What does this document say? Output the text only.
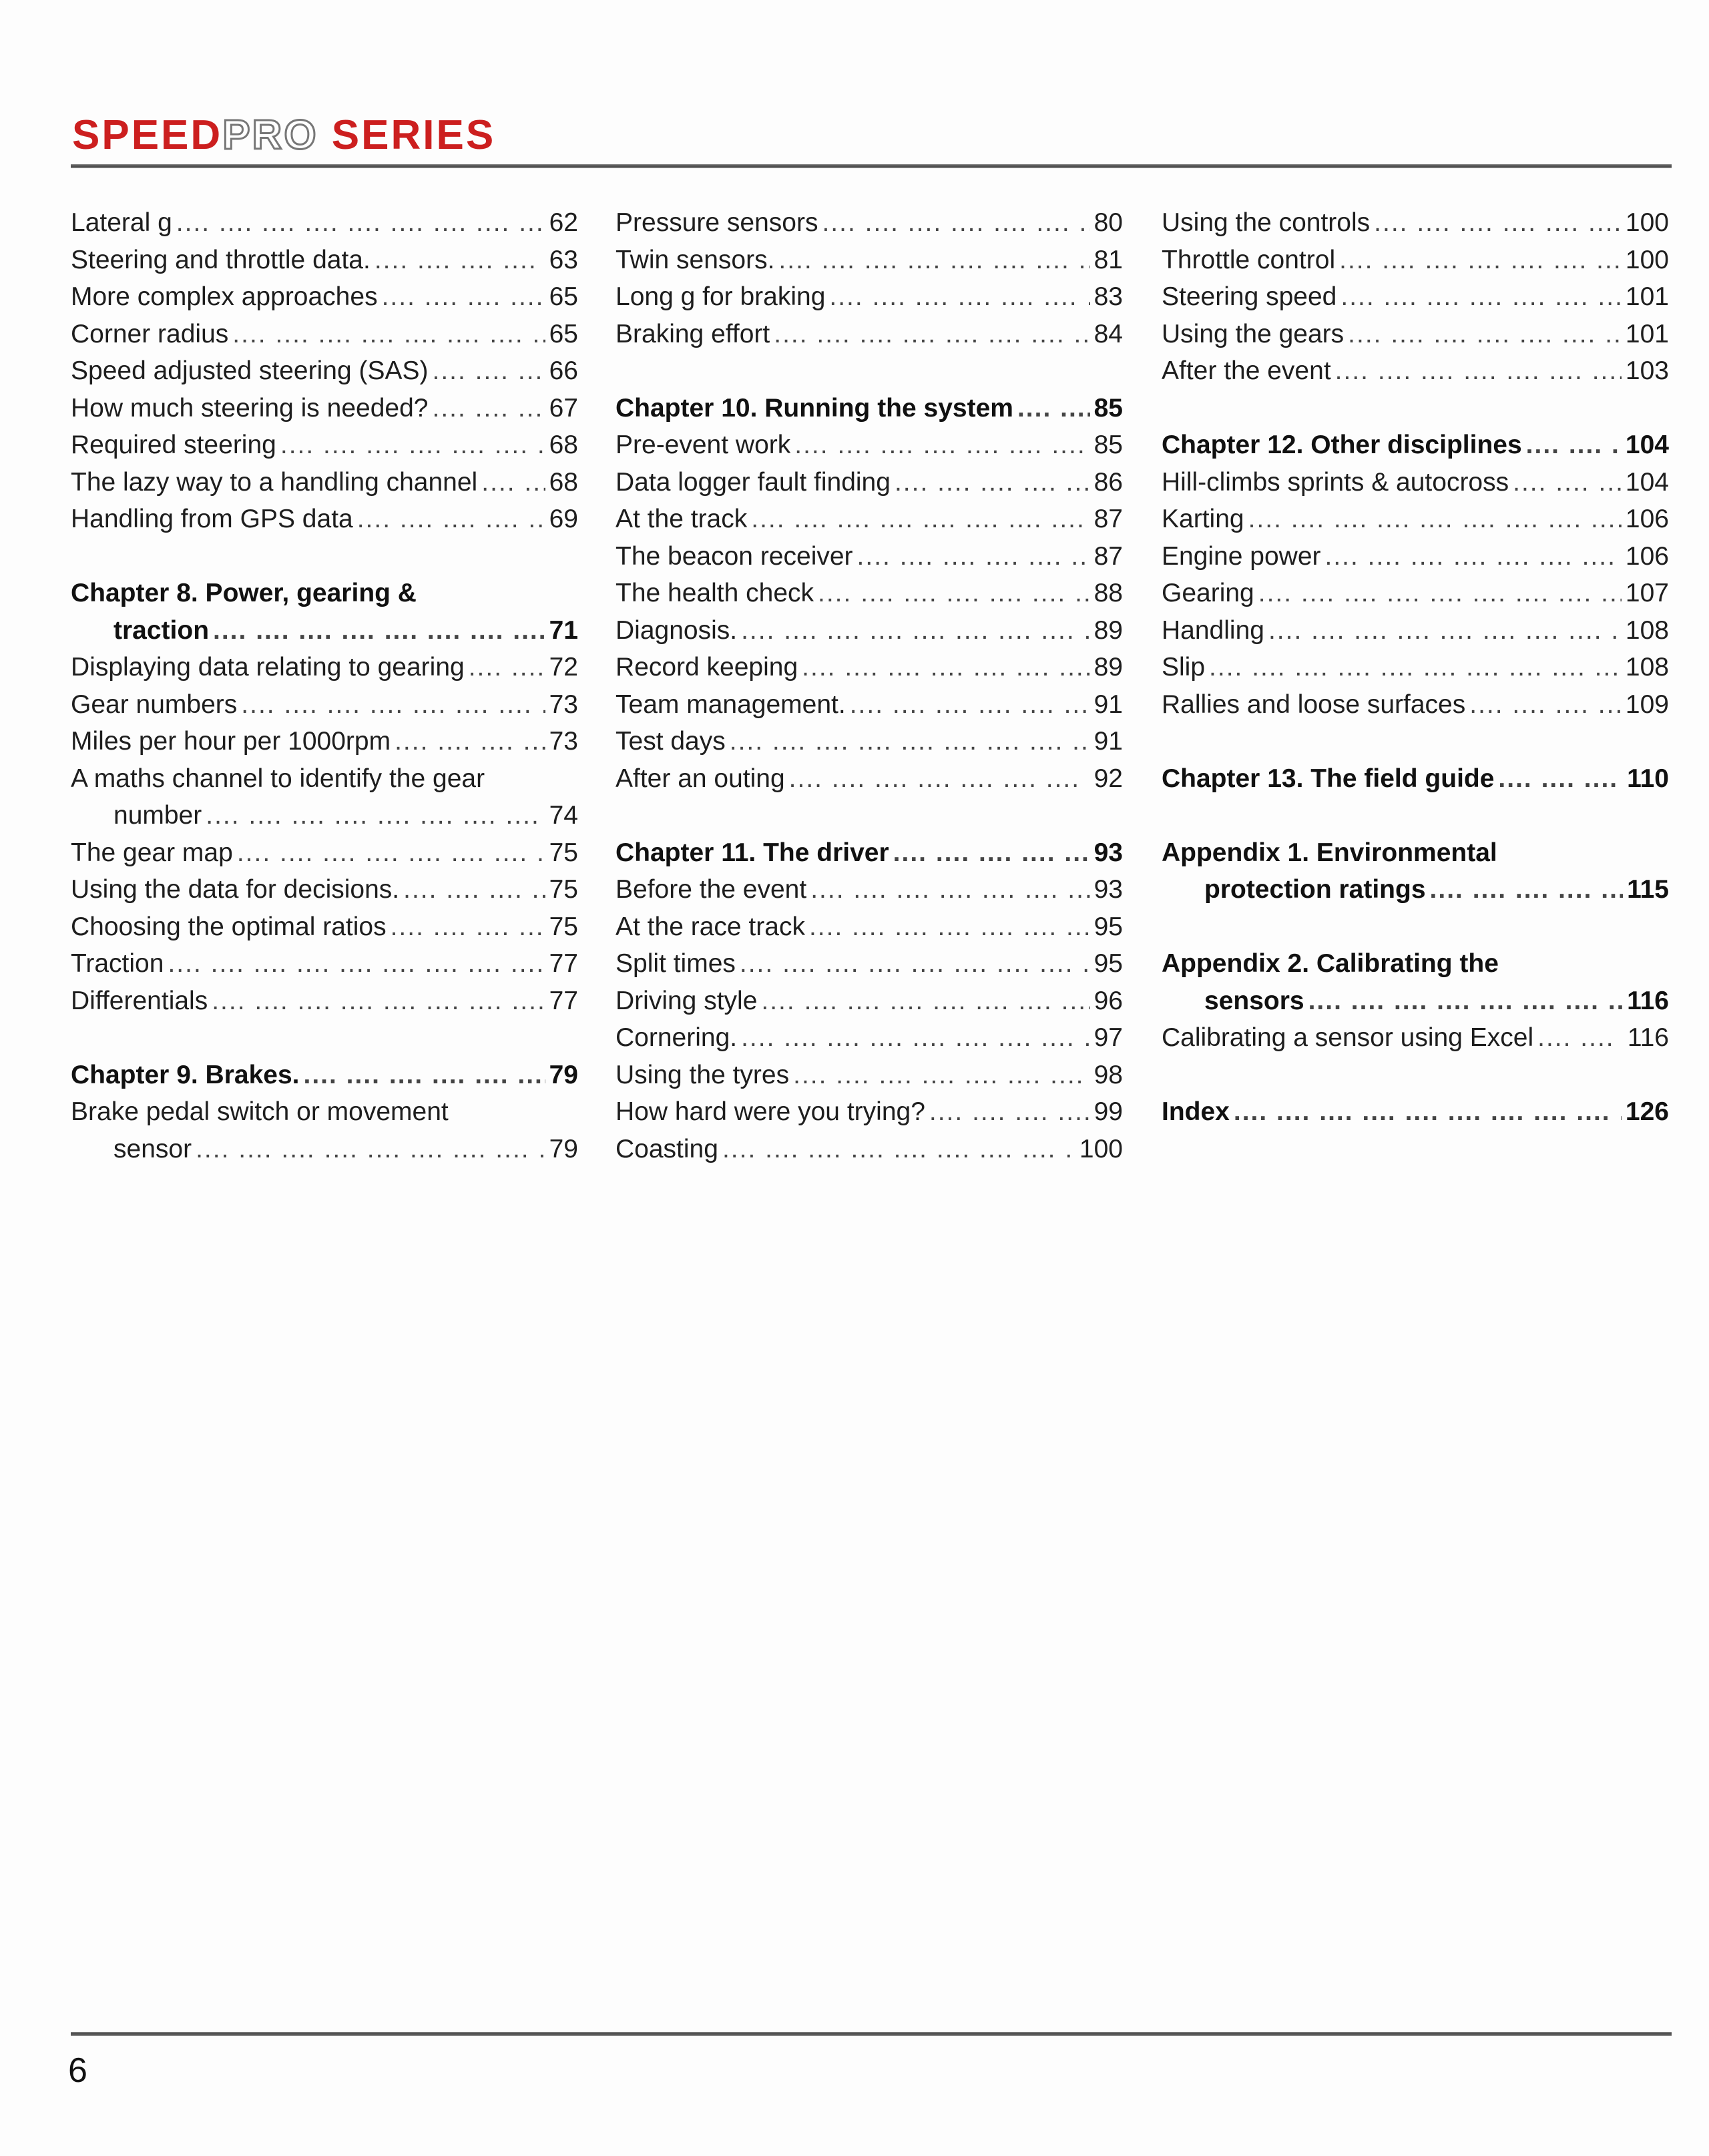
SPEEDPRO SERIES
Lateral g ....	62
Steering and throttle data. ....	63
More complex approaches ....	65
Corner radius ....	65
Speed adjusted steering (SAS) ....	66
How much steering is needed? ....	67
Required steering ....	68
The lazy way to a handling channel ....	68
Handling from GPS data ....	69
Chapter 8. Power, gearing &
traction ....	71
Displaying data relating to gearing ....	72
Gear numbers ....	73
Miles per hour per 1000rpm ....	73
A maths channel to identify the gear
number ....	74
The gear map ....	75
Using the data for decisions. ....	75
Choosing the optimal ratios ....	75
Traction ....	77
Differentials ....	77
Chapter 9. Brakes. ....	79
Brake pedal switch or movement
sensor ....	79
Pressure sensors ....	80
Twin sensors. ....	81
Long g for braking ....	83
Braking effort ....	84
Chapter 10. Running the system ....	85
Pre-event work ....	85
Data logger fault finding ....	86
At the track ....	87
The beacon receiver ....	87
The health check ....	88
Diagnosis. ....	89
Record keeping ....	89
Team management. ....	91
Test days ....	91
After an outing ....	92
Chapter 11. The driver ....	93
Before the event ....	93
At the race track ....	95
Split times ....	95
Driving style ....	96
Cornering. ....	97
Using the tyres ....	98
How hard were you trying? ....	99
Coasting ....	100
Using the controls ....	100
Throttle control ....	100
Steering speed ....	101
Using the gears ....	101
After the event ....	103
Chapter 12. Other disciplines ....	104
Hill-climbs sprints & autocross ....	104
Karting ....	106
Engine power ....	106
Gearing ....	107
Handling ....	108
Slip ....	108
Rallies and loose surfaces ....	109
Chapter 13. The field guide ....	110
Appendix 1. Environmental
protection ratings ....	115
Appendix 2. Calibrating the
sensors ....	116
Calibrating a sensor using Excel ....	116
Index ....	126
6
